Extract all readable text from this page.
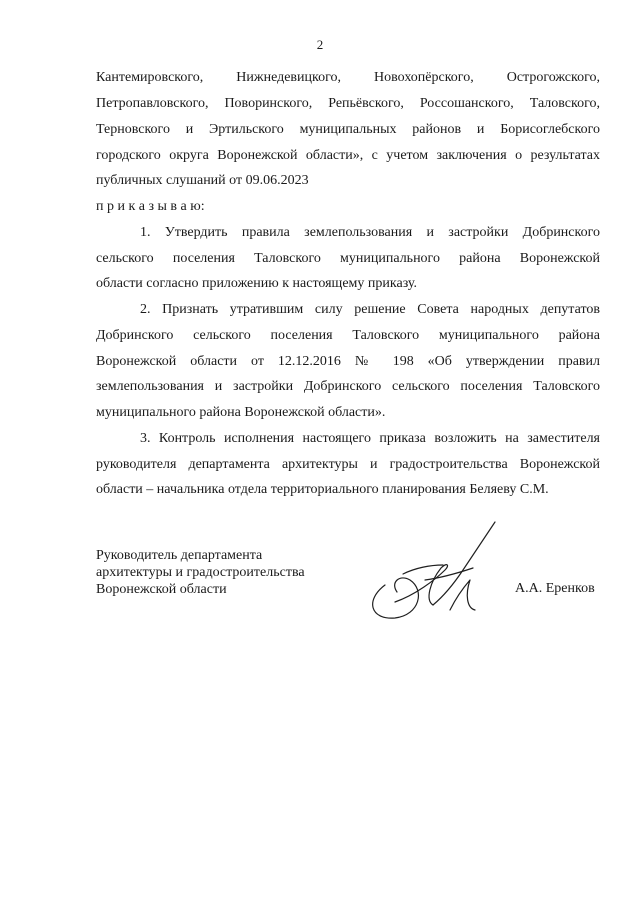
2
Кантемировского, Нижнедевицкого, Новохопёрского, Острогожского,
Петропавловского, Поворинского, Репьёвского, Россошанского, Таловского,
Терновского и Эртильского муниципальных районов и Борисоглебского
городского округа Воронежской области», с учетом заключения о результатах
публичных слушаний от 09.06.2023
п р и к а з ы в а ю:
1. Утвердить правила землепользования и застройки Добринского
сельского поселения Таловского муниципального района Воронежской
области согласно приложению к настоящему приказу.
2. Признать утратившим силу решение Совета народных депутатов
Добринского сельского поселения Таловского муниципального района
Воронежской области от 12.12.2016 № 198 «Об утверждении правил
землепользования и застройки Добринского сельского поселения Таловского
муниципального района Воронежской области».
3. Контроль исполнения настоящего приказа возложить на заместителя
руководителя департамента архитектуры и градостроительства Воронежской
области – начальника отдела территориального планирования Беляеву С.М.
Руководитель департамента
архитектуры и градостроительства
Воронежской области	А.А. Еренков
